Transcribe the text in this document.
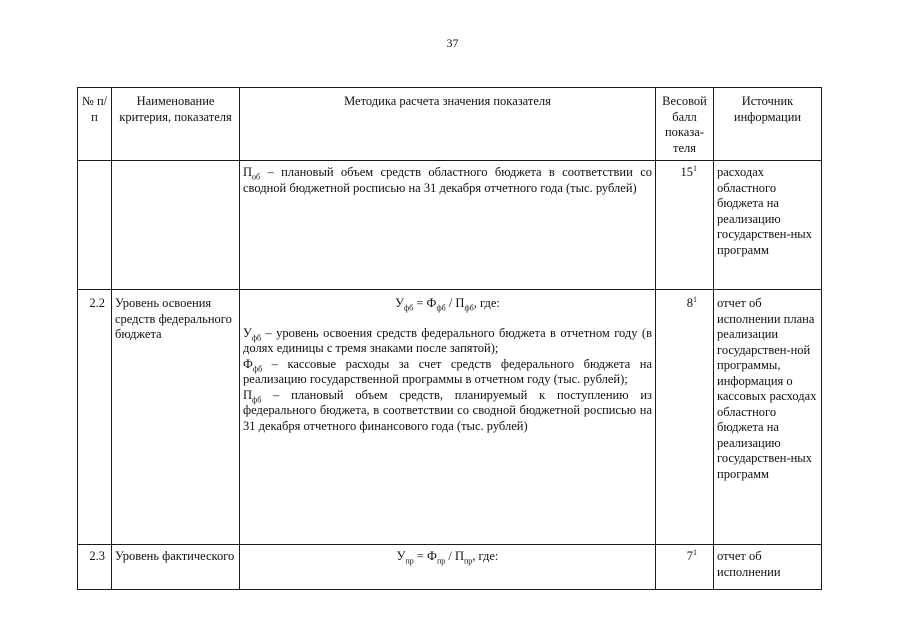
37
№ п/п	Наименование критерия, показателя	Методика расчета значения показателя	Весовой балл показа-теля	Источник информации

		$П_{об}$ – плановый объем средств областного бюджета в соответствии со сводной бюджетной росписью на 31 декабря отчетного года (тыс. рублей)	$15^1$	расходах областного бюджета на реализацию государствен-ных программ
2.2	Уровень освоения средств федерального бюджета	$У_{фб} = Ф_{фб} / П_{фб}$, где:

$У_{фб}$ – уровень освоения средств федерального бюджета в отчетном году (в долях единицы с тремя знаками после запятой);

$Ф_{фб}$ – кассовые расходы за счет средств федерального бюджета на реализацию государственной программы в отчетном году (тыс. рублей);

$П_{фб}$ – плановый объем средств, планируемый к поступлению из федерального бюджета, в соответствии со сводной бюджетной росписью на 31 декабря отчетного финансового года (тыс. рублей)	$8^1$	отчет об исполнении плана реализации государствен-ной программы, информация о кассовых расходах областного бюджета на реализацию государствен-ных программ
2.3	Уровень фактического	$У_{пр} = Ф_{пр} / П_{пр}$, где:	$7^1$	отчет об исполнении
